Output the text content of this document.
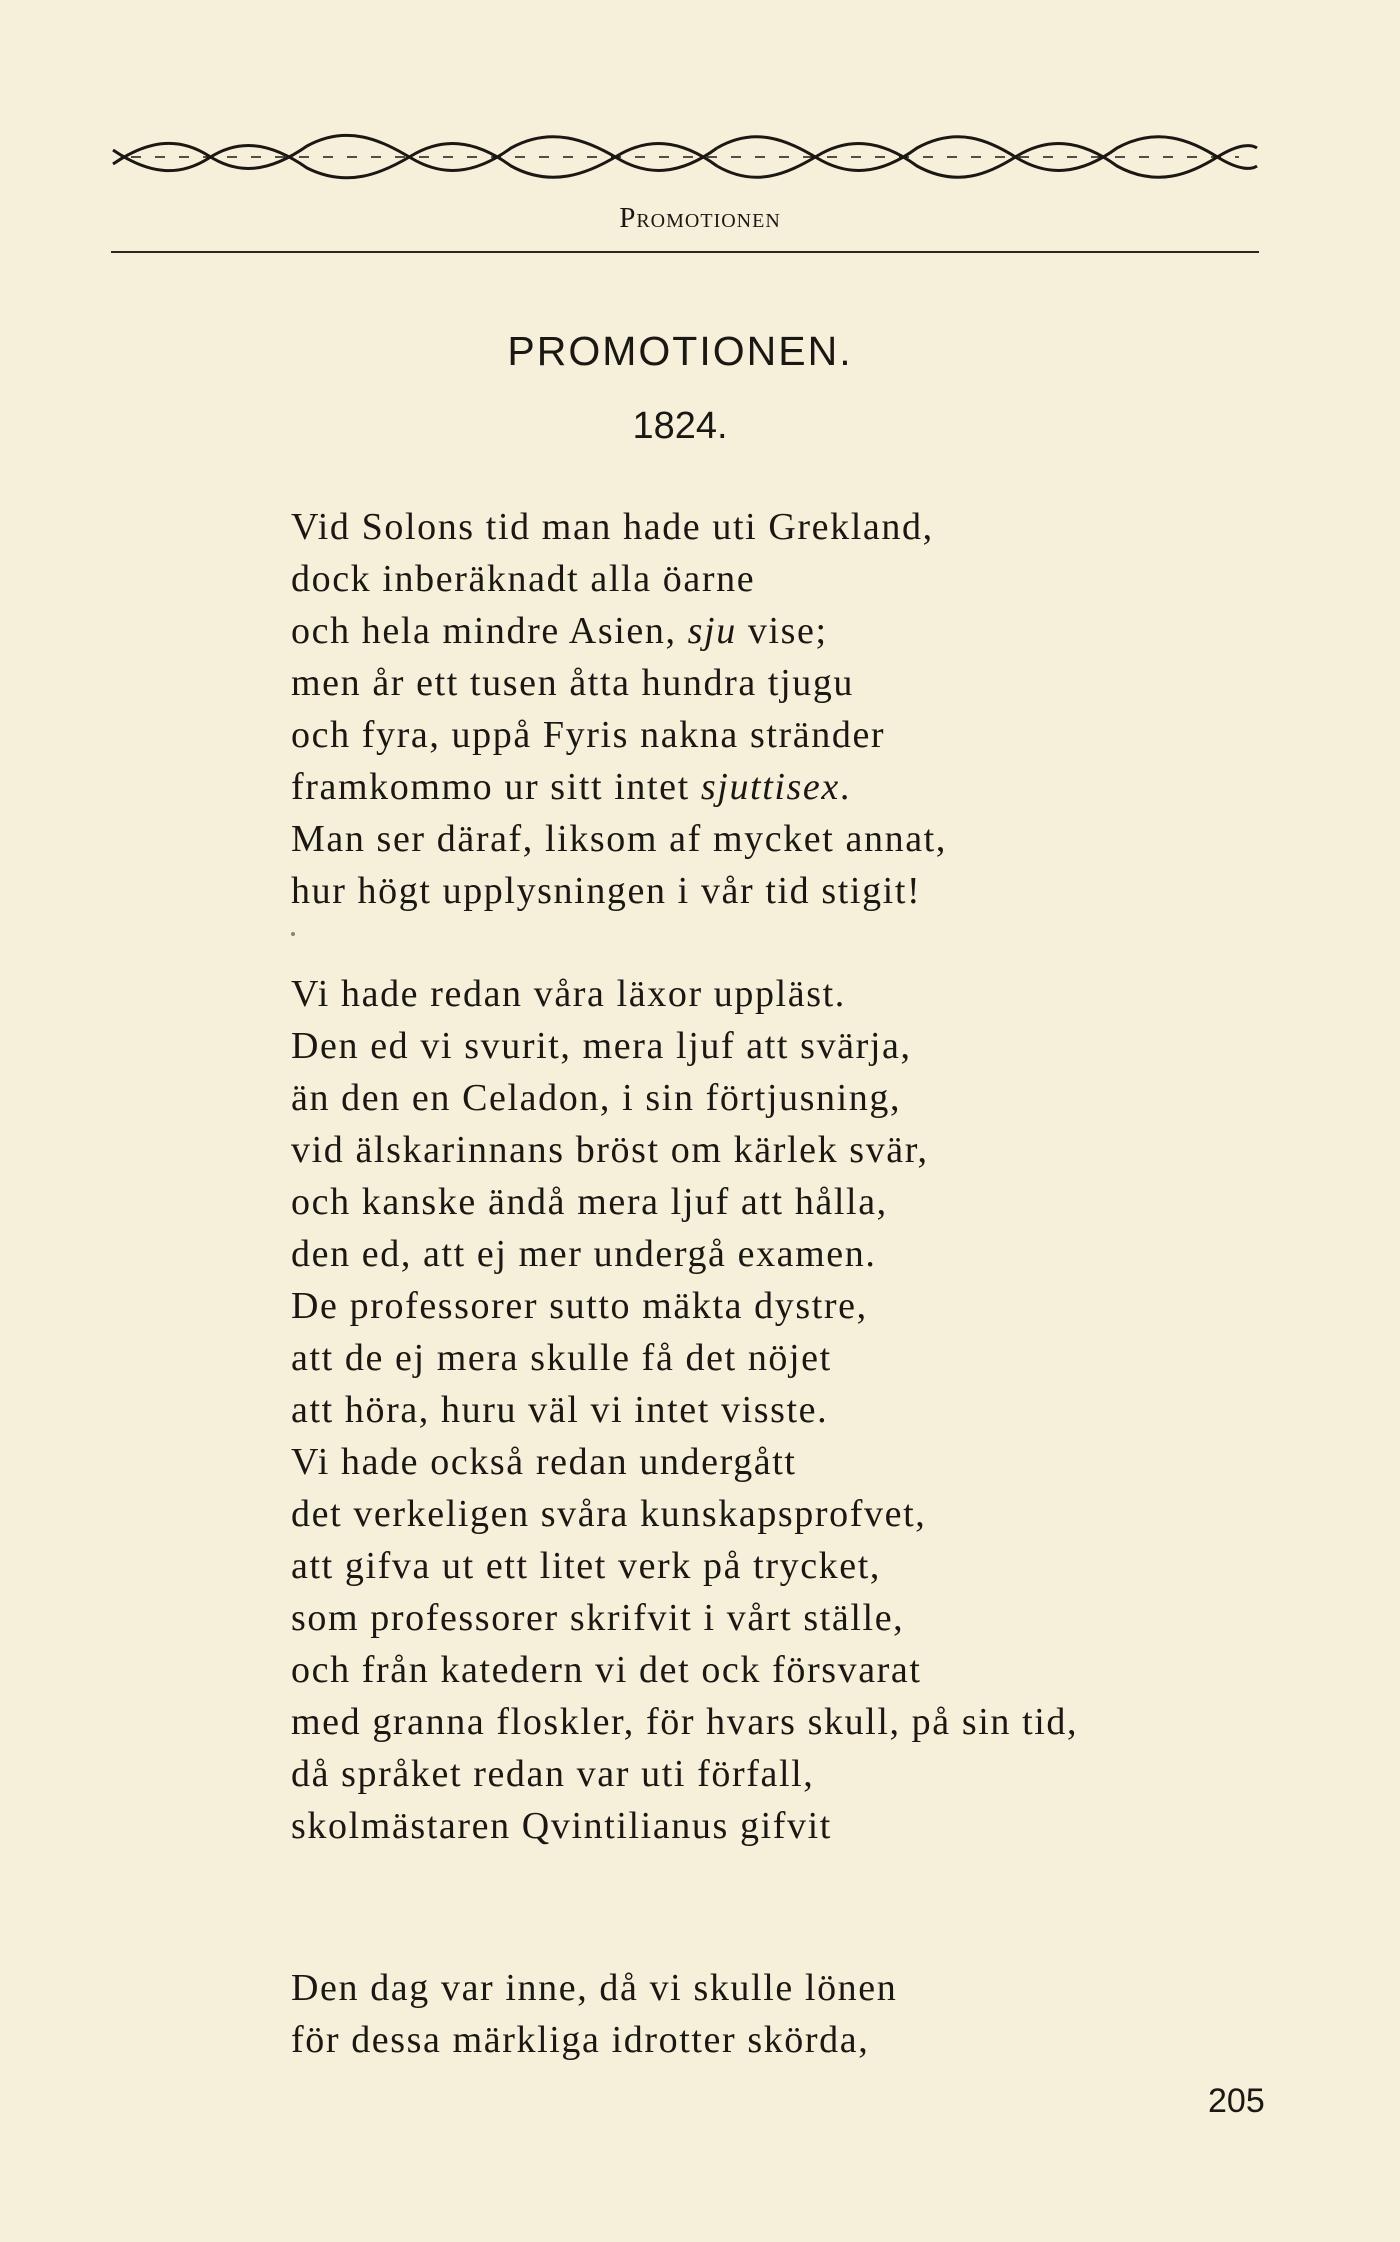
Promotionen
PROMOTIONEN.
1824.
Vid Solons tid man hade uti Grekland,
dock inberäknadt alla öarne
och hela mindre Asien, sju vise;
men år ett tusen åtta hundra tjugu
och fyra, uppå Fyris nakna stränder
framkommo ur sitt intet sjuttisex.
Man ser däraf, liksom af mycket annat,
hur högt upplysningen i vår tid stigit!
Vi hade redan våra läxor uppläst.
Den ed vi svurit, mera ljuf att svärja,
än den en Celadon, i sin förtjusning,
vid älskarinnans bröst om kärlek svär,
och kanske ändå mera ljuf att hålla,
den ed, att ej mer undergå examen.
De professorer sutto mäkta dystre,
att de ej mera skulle få det nöjet
att höra, huru väl vi intet visste.
Vi hade också redan undergått
det verkeligen svåra kunskapsprofvet,
att gifva ut ett litet verk på trycket,
som professorer skrifvit i vårt ställe,
och från katedern vi det ock försvarat
med granna floskler, för hvars skull, på sin tid,
då språket redan var uti förfall,
skolmästaren Qvintilianus gifvit
Den dag var inne, då vi skulle lönen
för dessa märkliga idrotter skörda,
205
